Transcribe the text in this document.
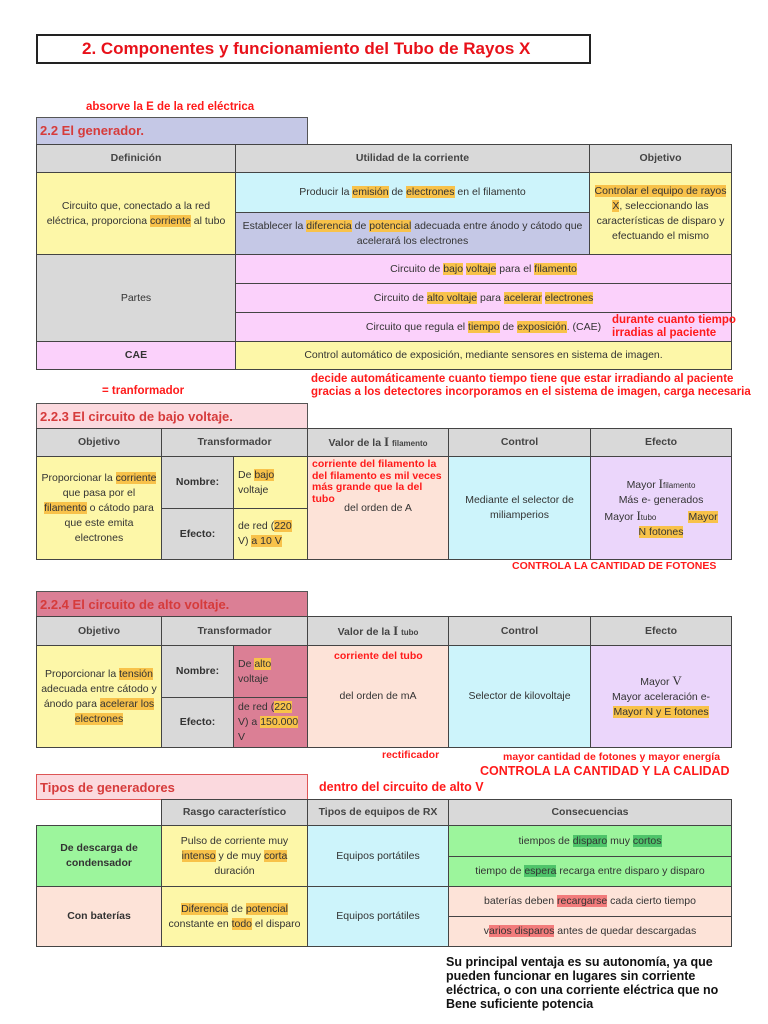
2. Componentes y funcionamiento del Tubo de Rayos X
absorve la E de la red eléctrica
2.2 El generador.
Definición	Utilidad de la corriente	Objetivo
Circuito que, conectado a la red eléctrica, proporciona corriente al tubo	Producir la emisión de electrones en el filamento	Controlar el equipo de rayos X, seleccionando las características de disparo y efectuando el mismo
	Establecer la diferencia de potencial adecuada entre ánodo y cátodo que acelerará los electrones	
Partes	Circuito de bajo voltaje para el filamento	
	Circuito de alto voltaje para acelerar electrones	
	Circuito que regula el tiempo de exposición. (CAE)	
CAE	Control automático de exposición, mediante sensores en sistema de imagen.	
durante cuanto tiempo irradias al paciente
= tranformador
decide automáticamente cuanto tiempo tiene que estar irradiando al paciente gracias a los detectores incorporamos en el sistema de imagen, carga necesaria
2.2.3 El circuito de bajo voltaje.
Objetivo	Transformador		Valor de la I filamento	Control	Efecto
Proporcionar la corriente que pasa por el filamento o cátodo para que este emita electrones	Nombre:	De bajo voltaje	del orden de A	Mediante el selector de miliamperios	Mayor Ifilamento
Más e- generados
Mayor Itubo Mayor
N fotones
	Efecto:	de red (220 V) a 10 V			
corriente del filamento la del filamento es mil veces más grande que la del tubo
CONTROLA LA CANTIDAD DE FOTONES
2.2.4 El circuito de alto voltaje.
Objetivo	Transformador		Valor de la I tubo	Control	Efecto
Proporcionar la tensión adecuada entre cátodo y ánodo para acelerar los electrones	Nombre:	De alto voltaje	del orden de mA	Selector de kilovoltaje	Mayor V
Mayor aceleración e-
Mayor N y E fotones
	Efecto:	de red (220 V) a 150.000 V			
corriente del tubo
rectificador	mayor cantidad de fotones y mayor energía
CONTROLA LA CANTIDAD Y LA CALIDAD
dentro del circuito de alto V
Tipos de generadores
	Rasgo característico	Tipos de equipos de RX	Consecuencias
De descarga de condensador	Pulso de corriente muy intenso y de muy corta duración	Equipos portátiles	tiempos de disparo muy cortos
			tiempo de espera recarga entre disparo y disparo
Con baterías	Diferencia de potencial constante en todo el disparo	Equipos portátiles	baterías deben recargarse cada cierto tiempo
			varios disparos antes de quedar descargadas
Su principal ventaja es su autonomía, ya que pueden funcionar en lugares sin corriente eléctrica, o con una corriente eléctrica que no Bene suficiente potencia
